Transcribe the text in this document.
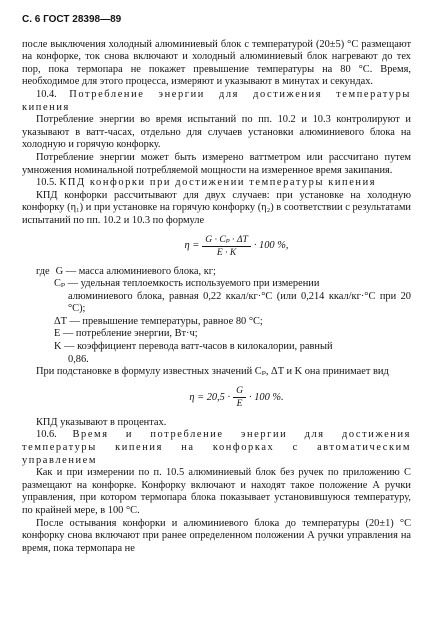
С. 6 ГОСТ 28398—89

после выключения холодный алюминиевый блок с температурой (20±5) °С размещают на конфорке, ток снова включают и холодный алюминиевый блок нагревают до тех пор, пока термопара не покажет превышение температуры на 80 °С. Время, необходимое для этого процесса, измеряют и указывают в минутах и секундах.

10.4. Потребление энергии для достижения температуры кипения

Потребление энергии во время испытаний по пп. 10.2 и 10.3 контролируют и указывают в ватт-часах, отдельно для случаев установки алюминиевого блока на холодную и горячую конфорку.

Потребление энергии может быть измерено ваттметром или рассчитано путем умножения номинальной потребляемой мощности на измеренное время закипания.

10.5. КПД конфорки при достижении температуры кипения

КПД конфорки рассчитывают для двух случаев: при установке на холодную конфорку (η₁) и при установке на горячую конфорку (η₂) в соответствии с результатами испытаний по пп. 10.2 и 10.3 по формуле

$\eta = \frac{\text{G · Cₚ · ΔT}}{E \cdot K} \cdot 100$ %,
где G — масса алюминиевого блока, кг;
Cₚ — удельная теплоемкость используемого при измерении
алюминиевого блока, равная 0,22 ккал/кг·°С (или 0,214 ккал/кг·°С при 20 °С);
ΔT — превышение температуры, равное 80 °С;
E — потребление энергии, Вт·ч;
K — коэффициент перевода ватт-часов в килокалории, равный
0,86.

При подстановке в формулу известных значений Cₚ, ΔT и K она принимает вид

$\eta = 20,5 \cdot \frac{G}{E} \cdot 100$ %.

КПД указывают в процентах.

10.6. Время и потребление энергии для достижения температуры кипения на конфорках с автоматическим управлением

Как и при измерении по п. 10.5 алюминиевый блок без ручек по приложению С размещают на конфорке. Конфорку включают и находят такое положение А ручки управления, при котором термопара блока показывает установившуюся температуру, по крайней мере, в 100 °С.

После остывания конфорки и алюминиевого блока до температуры (20±1) °С конфорку снова включают при ранее определенном положении А ручки управления на время, пока термопара не
